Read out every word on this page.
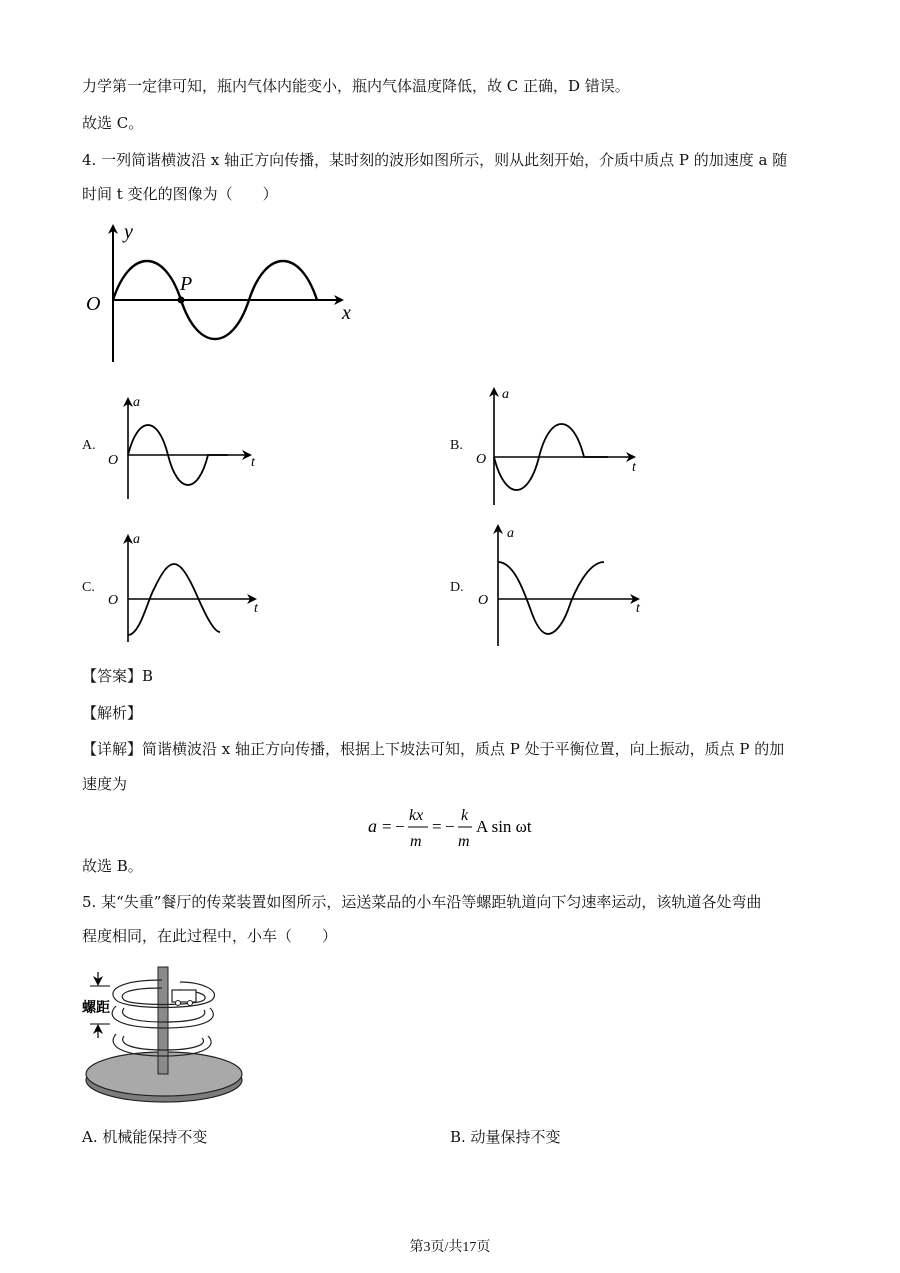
力学第一定律可知，瓶内气体内能变小，瓶内气体温度降低，故 C 正确，D 错误。
故选 C。
4. 一列简谐横波沿 x 轴正方向传播，某时刻的波形如图所示，则从此刻开始，介质中质点 P 的加速度 a 随
时间 t 变化的图像为（　　）
y
x
O
P
A.
a
t
O
B.
a
t
O
C.
a
t
O
D.
a
t
O
【答案】B
【解析】
【详解】简谐横波沿 x 轴正方向传播，根据上下坡法可知，质点 P 处于平衡位置，向上振动，质点 P 的加
速度为
a = −
kx
m
= −
k
m
A sin ωt
故选 B。
5. 某“失重”餐厅的传菜装置如图所示，运送菜品的小车沿等螺距轨道向下匀速率运动，该轨道各处弯曲
程度相同，在此过程中，小车（　　）
螺距
A. 机械能保持不变	B. 动量保持不变
第3页/共17页
